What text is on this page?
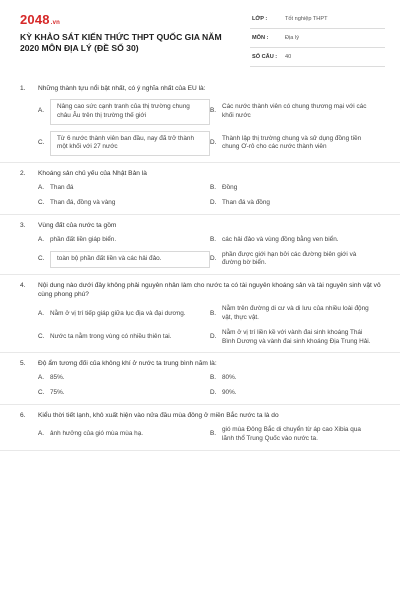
2048.vn
KỲ KHẢO SÁT KIẾN THỨC THPT QUỐC GIA NĂM 2020 MÔN ĐỊA LÝ (ĐỀ SỐ 30)
LỚP :	Tốt nghiệp THPT
MÔN :	Địa lý
SỐ CÂU : 40
1.	Những thành tựu nổi bật nhất, có ý nghĩa nhất của EU là:
A.
Nâng cao sức cạnh tranh của thị trường chung châu Âu trên thị trường thế giới
B.
Các nước thành viên có chung thương mại với các khối nước
C.
Từ 6 nước thành viên ban đầu, nay đã trở thành một khối với 27 nước
D.
Thành lập thị trường chung và sử dụng đồng tiền chung Ơ-rô cho các nước thành viên
2.	Khoáng sản chủ yếu của Nhật Bản là
A. Than đá	B. Đồng
C. Than đá, đồng và vàng	D. Than đá và đồng
3.	Vùng đất của nước ta gồm
A. phần đất liền giáp biển.	B. các hải đảo và vùng đồng bằng ven biển.
C.	toàn bộ phần đất liền và các hải đảo.	D.
phần được giới hạn bởi các đường biên giới và đường bờ biển.
4.	Nội dung nào dưới đây không phải nguyên nhân làm cho nước ta có tài nguyên khoáng sản và tài nguyên sinh vật vô cùng phong phú?
A. Nằm ở vị trí tiếp giáp giữa lục địa và đại dương.	B.
Nằm trên đường di cư và di lưu của nhiều loài động vật, thực vật.
C. Nước ta nằm trong vùng có nhiều thiên tai.	D.
Nằm ở vị trí liền kề với vành đai sinh khoáng Thái Bình Dương và vành đai sinh khoáng Địa Trung Hải.
5.	Độ ẩm tương đối của không khí ở nước ta trung bình năm là:
A. 85%.	B. 80%.
C. 75%.	D. 90%.
6.	Kiểu thời tiết lạnh, khô xuất hiện vào nửa đầu mùa đông ở miền Bắc nước ta là do
A. ảnh hưởng của gió mùa mùa hạ.	B.
gió mùa Đông Bắc di chuyển từ áp cao Xibia qua lãnh thổ Trung Quốc vào nước ta.
